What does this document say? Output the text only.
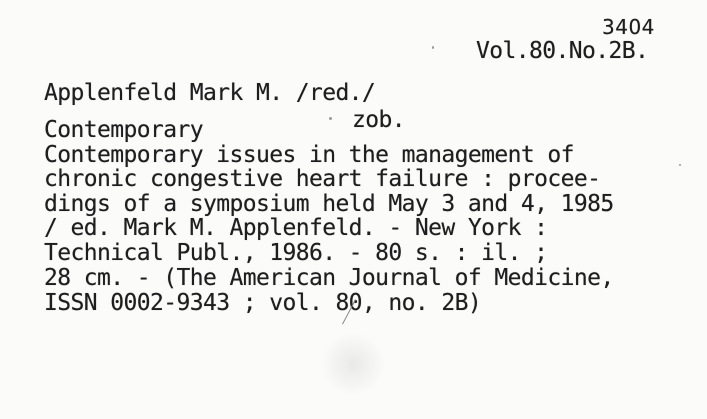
3404
Vol.80.No.2B.
Applenfeld Mark M. /red./
zob.
Contemporary
Contemporary issues in the management of
chronic congestive heart failure : procee-
dings of a symposium held May 3 and 4, 1985
/ ed. Mark M. Applenfeld. - New York :
Technical Publ., 1986. - 80 s. : il. ;
28 cm. - (The American Journal of Medicine,
ISSN 0002-9343 ; vol. 80, no. 2B)
